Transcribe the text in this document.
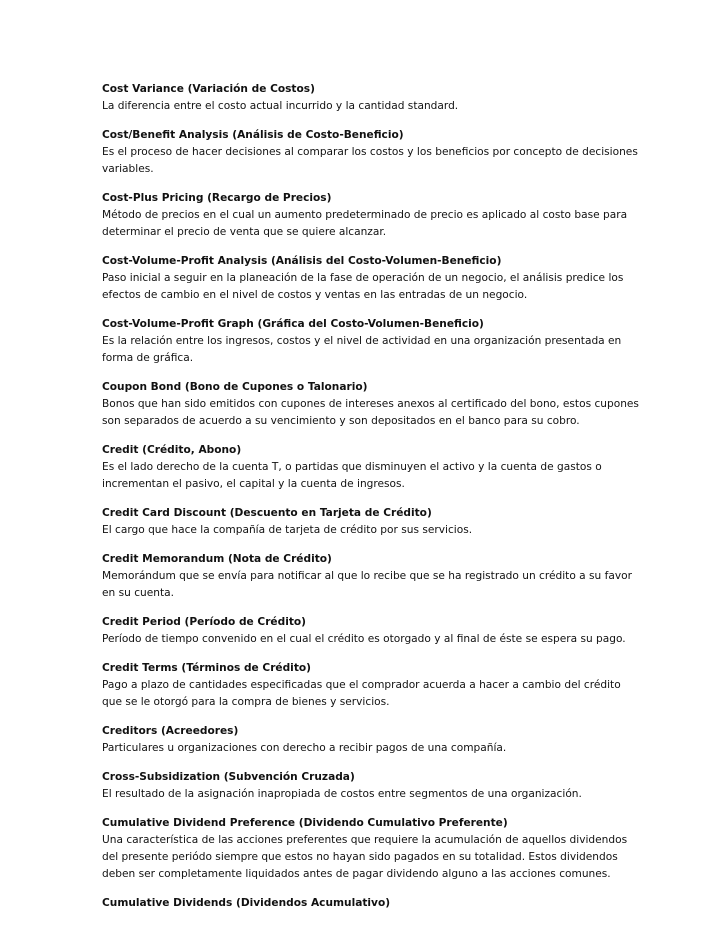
Cost Variance (Variación de Costos)
La diferencia entre el costo actual incurrido y la cantidad standard.
Cost/Benefit Analysis (Análisis de Costo-Beneficio)
Es el proceso de hacer decisiones al comparar los costos y los beneficios por concepto de decisiones variables.
Cost-Plus Pricing (Recargo de Precios)
Método de precios en el cual un aumento predeterminado de precio es aplicado al costo base para determinar el precio de venta que se quiere alcanzar.
Cost-Volume-Profit Analysis (Análisis del Costo-Volumen-Beneficio)
Paso inicial a seguir en la planeación de la fase de operación de un negocio, el análisis predice los efectos de cambio en el nivel de costos y ventas en las entradas de un negocio.
Cost-Volume-Profit Graph (Gráfica del Costo-Volumen-Beneficio)
Es la relación entre los ingresos, costos y el nivel de actividad en una organización presentada en forma de gráfica.
Coupon Bond (Bono de Cupones o Talonario)
Bonos que han sido emitidos con cupones de intereses anexos al certificado del bono, estos cupones son separados de acuerdo a su vencimiento y son depositados en el banco para su cobro.
Credit (Crédito, Abono)
Es el lado derecho de la cuenta T, o partidas que disminuyen el activo y la cuenta de gastos o incrementan el pasivo, el capital y la cuenta de ingresos.
Credit Card Discount (Descuento en Tarjeta de Crédito)
El cargo que hace la compañía de tarjeta de crédito por sus servicios.
Credit Memorandum (Nota de Crédito)
Memorándum que se envía para notificar al que lo recibe que se ha registrado un crédito a su favor en su cuenta.
Credit Period (Período de Crédito)
Período de tiempo convenido en el cual el crédito es otorgado y al final de éste se espera su pago.
Credit Terms (Términos de Crédito)
Pago a plazo de cantidades especificadas que el comprador acuerda a hacer a cambio del crédito que se le otorgó para la compra de bienes y servicios.
Creditors (Acreedores)
Particulares u organizaciones con derecho a recibir pagos de una compañía.
Cross-Subsidization (Subvención Cruzada)
El resultado de la asignación inapropiada de costos entre segmentos de una organización.
Cumulative Dividend Preference (Dividendo Cumulativo Preferente)
Una característica de las acciones preferentes que requiere la acumulación de aquellos dividendos del presente periódo siempre que estos no hayan sido pagados en su totalidad. Estos dividendos deben ser completamente liquidados antes de pagar dividendo alguno a las acciones comunes.
Cumulative Dividends (Dividendos Acumulativo)
